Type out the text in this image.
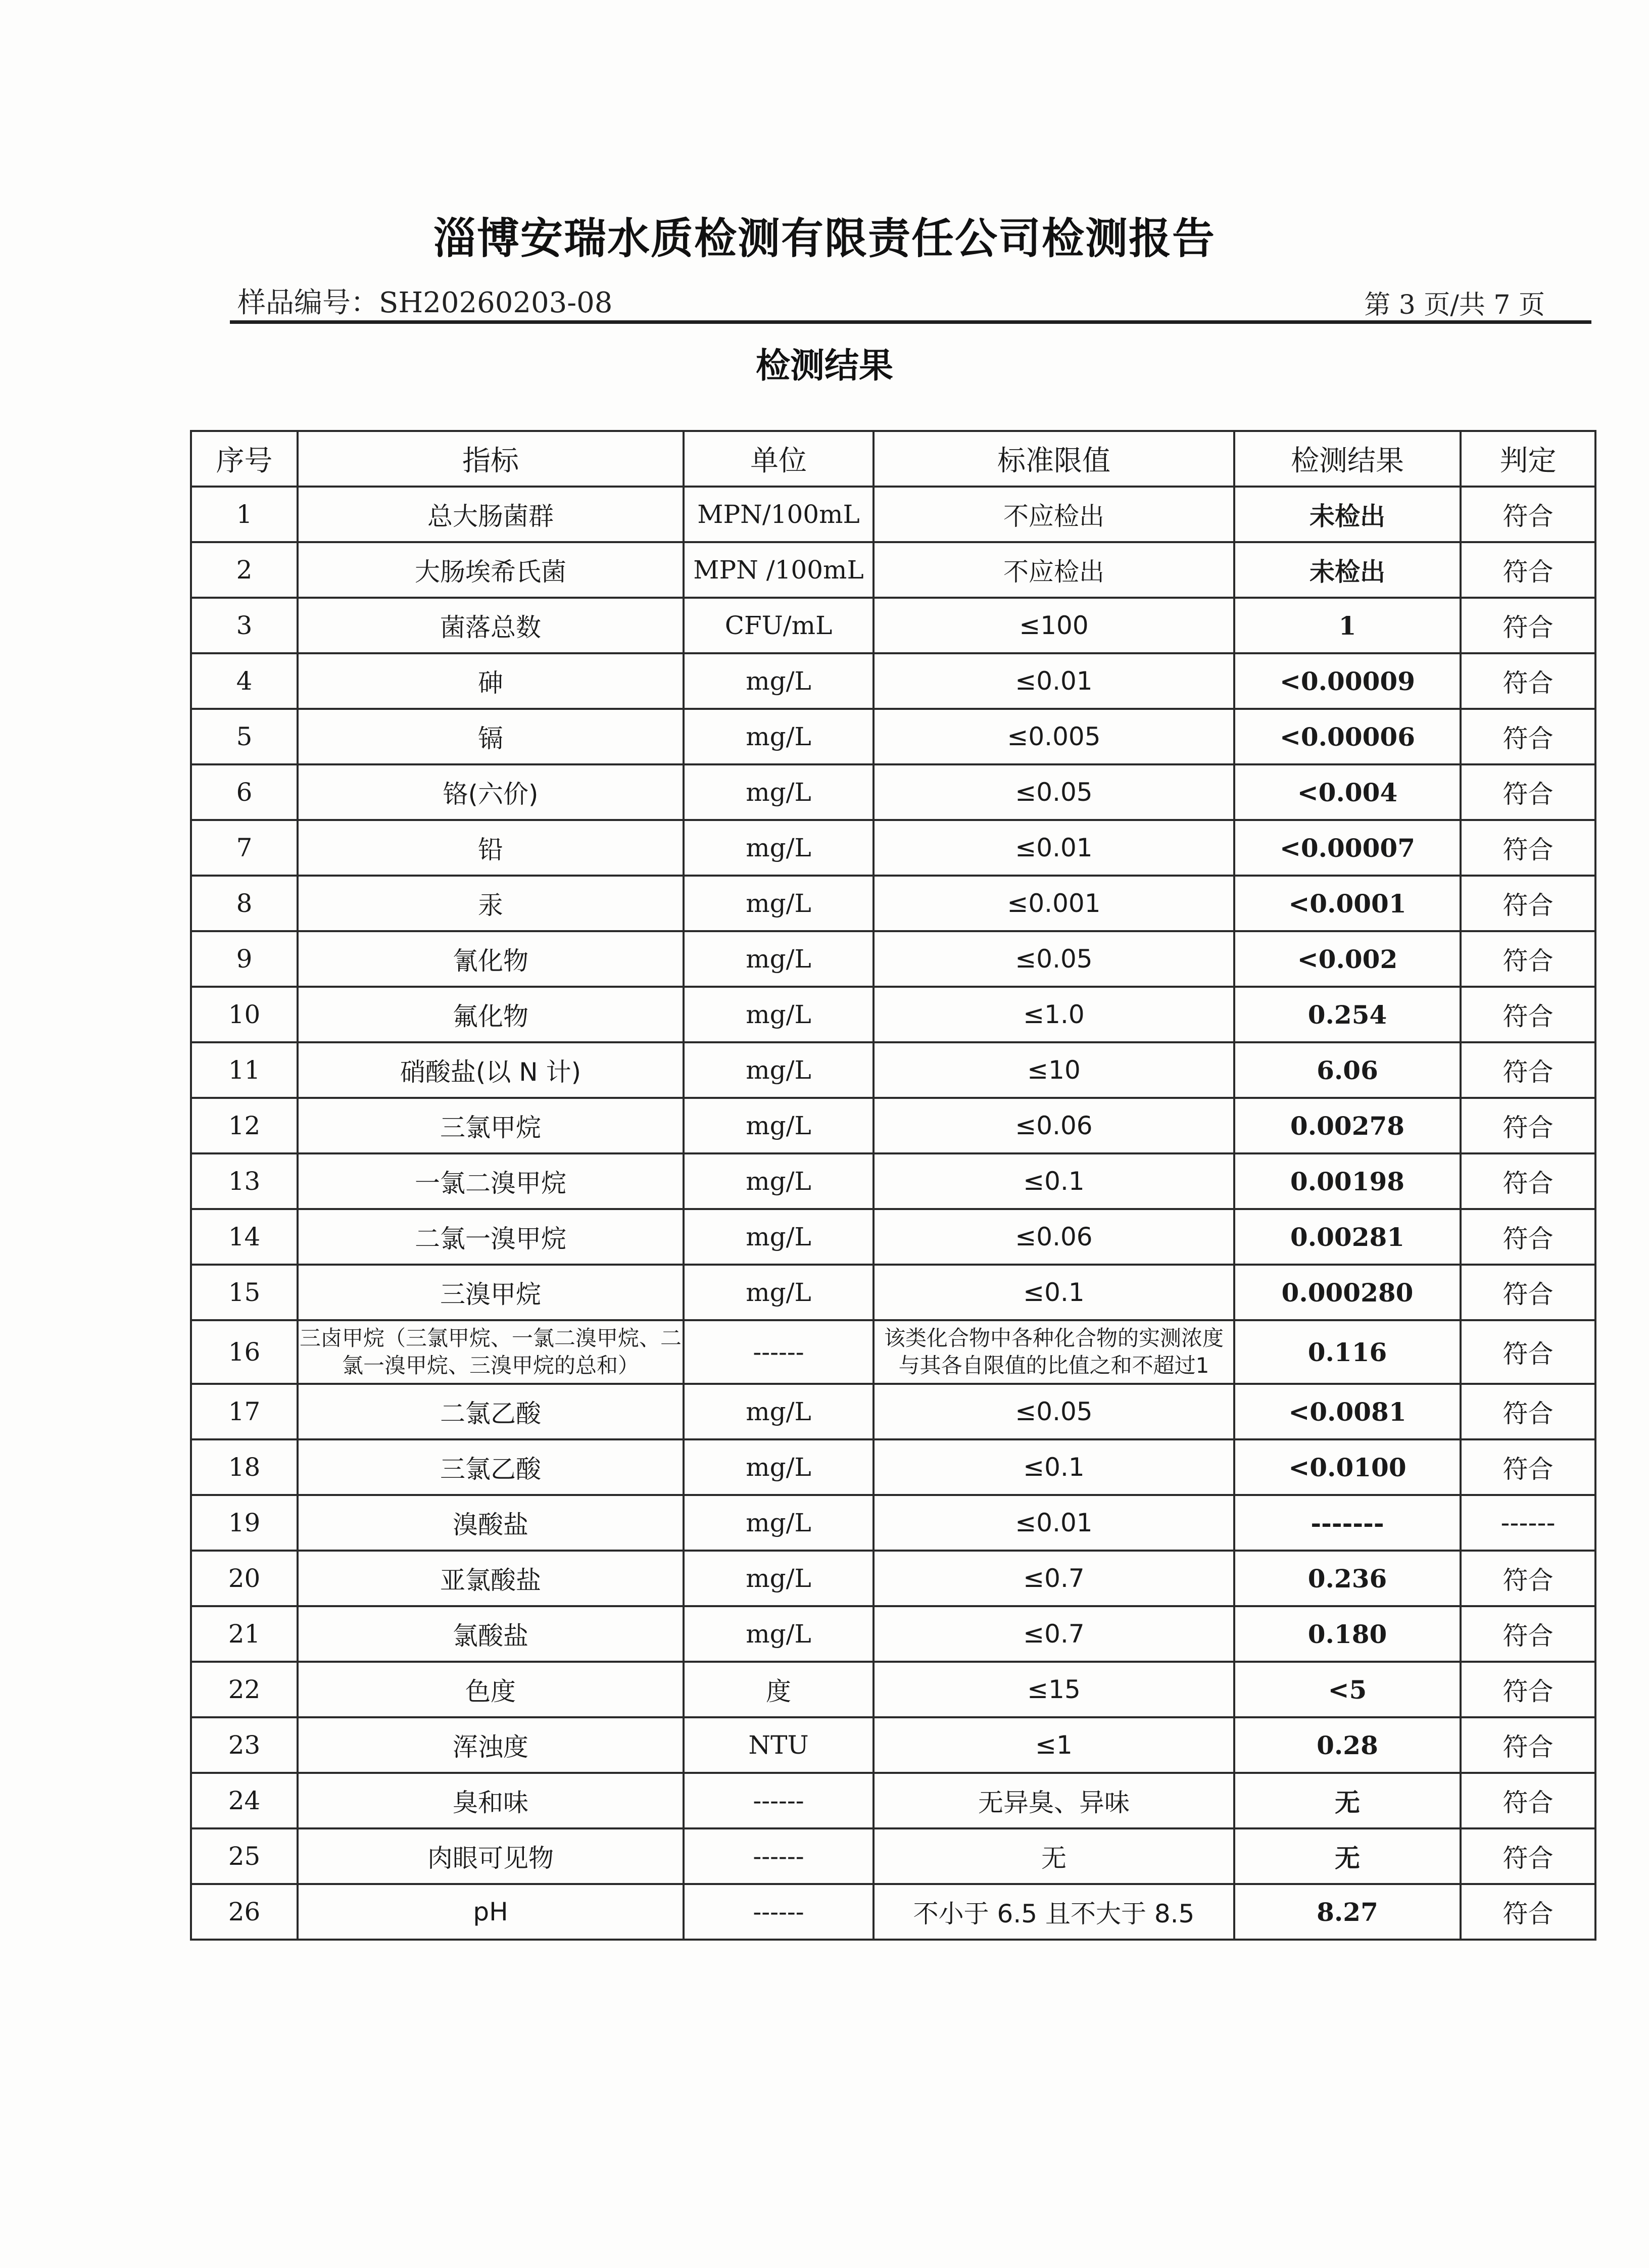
淄博安瑞水质检测有限责任公司检测报告
样品编号：SH20260203-08	第 3 页/共 7 页
检测结果
序号	指标	单位	标准限值	检测结果	判定
1	总大肠菌群	MPN/100mL	不应检出	未检出	符合
2	大肠埃希氏菌	MPN /100mL	不应检出	未检出	符合
3	菌落总数	CFU/mL	≤100	1	符合
4	砷	mg/L	≤0.01	<0.00009	符合
5	镉	mg/L	≤0.005	<0.00006	符合
6	铬(六价)	mg/L	≤0.05	<0.004	符合
7	铅	mg/L	≤0.01	<0.00007	符合
8	汞	mg/L	≤0.001	<0.0001	符合
9	氰化物	mg/L	≤0.05	<0.002	符合
10	氟化物	mg/L	≤1.0	0.254	符合
11	硝酸盐(以 N 计)	mg/L	≤10	6.06	符合
12	三氯甲烷	mg/L	≤0.06	0.00278	符合
13	一氯二溴甲烷	mg/L	≤0.1	0.00198	符合
14	二氯一溴甲烷	mg/L	≤0.06	0.00281	符合
15	三溴甲烷	mg/L	≤0.1	0.000280	符合
16	三卤甲烷（三氯甲烷、一氯二溴甲烷、二氯一溴甲烷、三溴甲烷的总和）	------	该类化合物中各种化合物的实测浓度与其各自限值的比值之和不超过1	0.116	符合
17	二氯乙酸	mg/L	≤0.05	<0.0081	符合
18	三氯乙酸	mg/L	≤0.1	<0.0100	符合
19	溴酸盐	mg/L	≤0.01	-------	------
20	亚氯酸盐	mg/L	≤0.7	0.236	符合
21	氯酸盐	mg/L	≤0.7	0.180	符合
22	色度	度	≤15	<5	符合
23	浑浊度	NTU	≤1	0.28	符合
24	臭和味	------	无异臭、异味	无	符合
25	肉眼可见物	------	无	无	符合
26	pH	------	不小于 6.5 且不大于 8.5	8.27	符合
